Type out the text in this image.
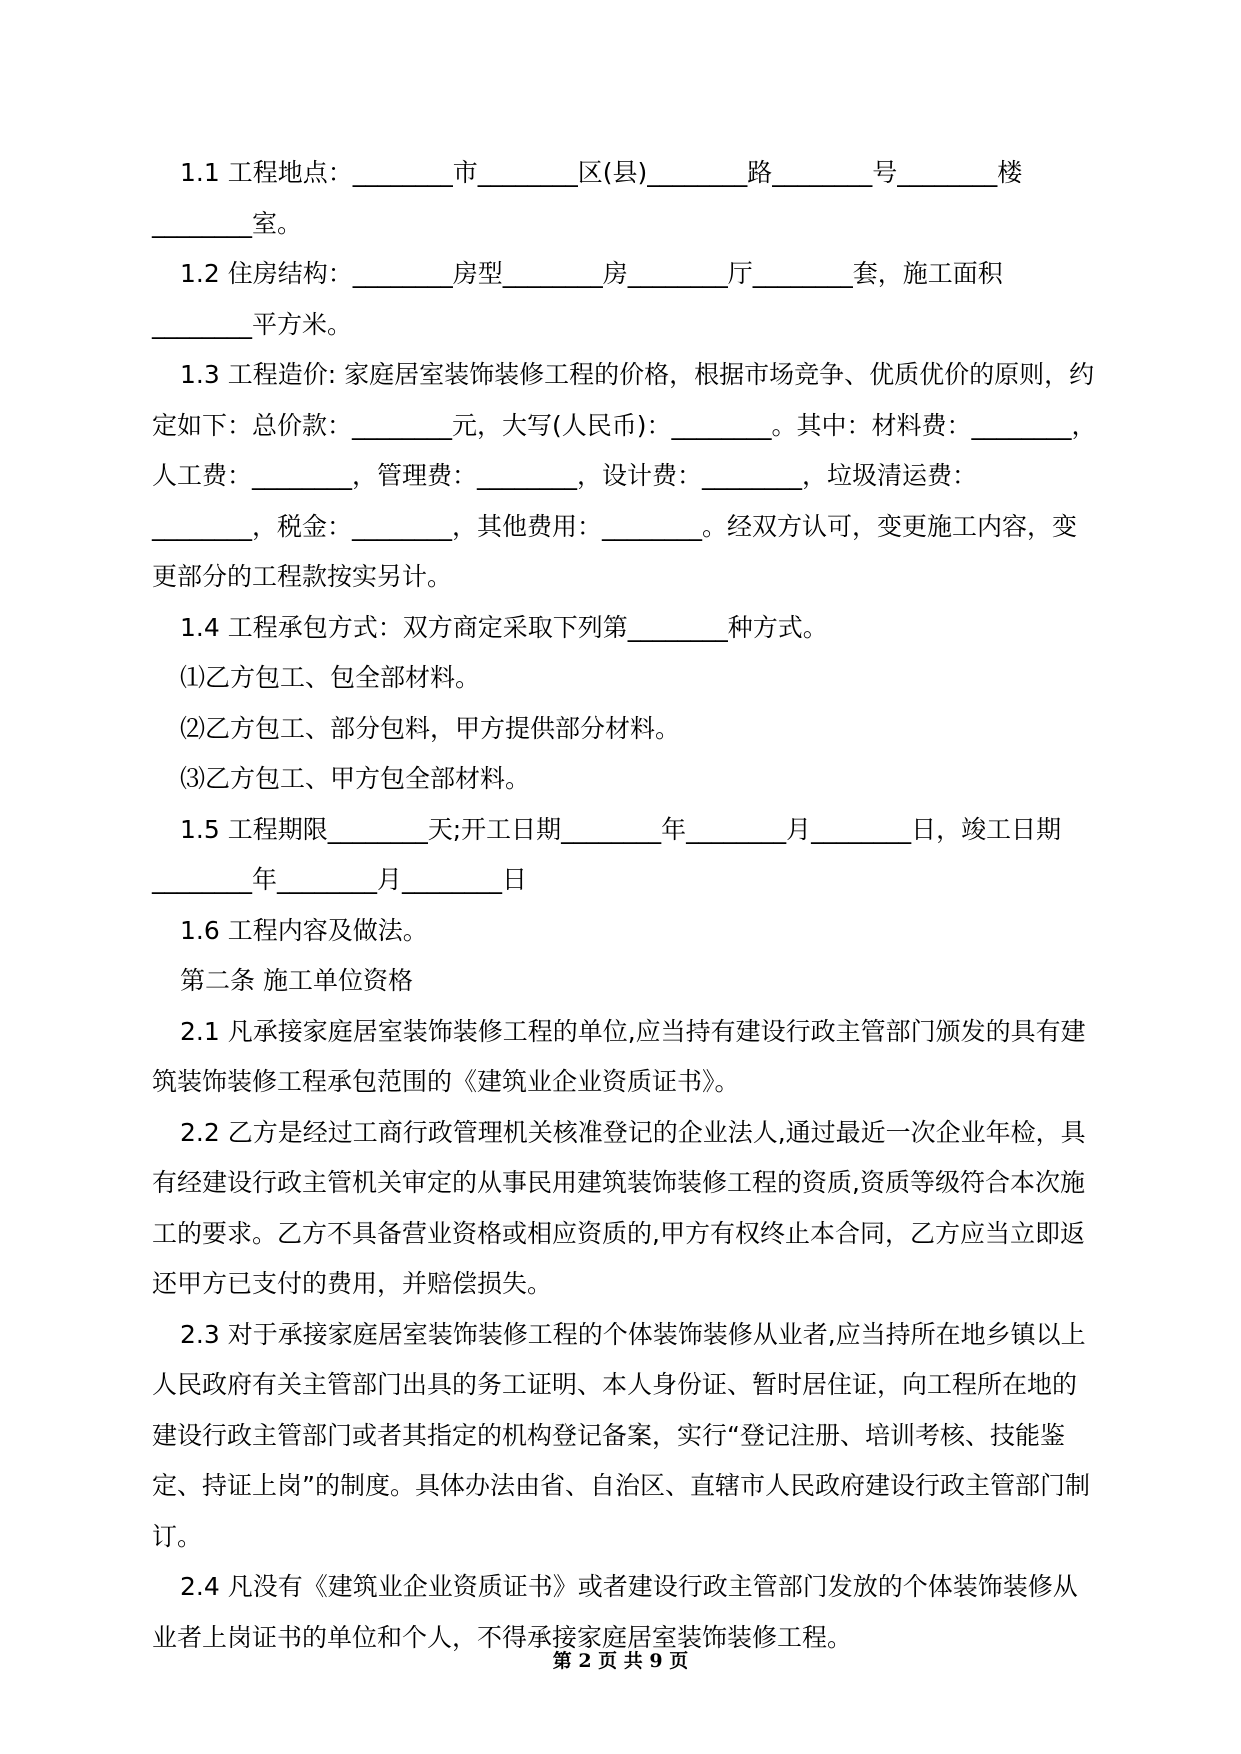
1.1 工程地点：________市________区(县)________路________号________楼________室。

1.2 住房结构：________房型________房________厅________套，施工面积________平方米。

1.3 工程造价: 家庭居室装饰装修工程的价格，根据市场竞争、优质优价的原则，约定如下：总价款：________元，大写(人民币)：________。其中：材料费：________，人工费：________，管理费：________，设计费：________，垃圾清运费：________，税金：________，其他费用：________。经双方认可，变更施工内容，变更部分的工程款按实另计。

1.4 工程承包方式：双方商定采取下列第________种方式。

⑴乙方包工、包全部材料。

⑵乙方包工、部分包料，甲方提供部分材料。

⑶乙方包工、甲方包全部材料。

1.5 工程期限________天;开工日期________年________月________日，竣工日期________年________月________日

1.6 工程内容及做法。

第二条 施工单位资格

2.1 凡承接家庭居室装饰装修工程的单位,应当持有建设行政主管部门颁发的具有建筑装饰装修工程承包范围的《建筑业企业资质证书》。

2.2 乙方是经过工商行政管理机关核准登记的企业法人,通过最近一次企业年检，具有经建设行政主管机关审定的从事民用建筑装饰装修工程的资质,资质等级符合本次施工的要求。乙方不具备营业资格或相应资质的,甲方有权终止本合同，乙方应当立即返还甲方已支付的费用，并赔偿损失。

2.3 对于承接家庭居室装饰装修工程的个体装饰装修从业者,应当持所在地乡镇以上人民政府有关主管部门出具的务工证明、本人身份证、暂时居住证，向工程所在地的建设行政主管部门或者其指定的机构登记备案，实行“登记注册、培训考核、技能鉴定、持证上岗”的制度。具体办法由省、自治区、直辖市人民政府建设行政主管部门制订。

2.4 凡没有《建筑业企业资质证书》或者建设行政主管部门发放的个体装饰装修从业者上岗证书的单位和个人，不得承接家庭居室装饰装修工程。

第 2 页 共 9 页
